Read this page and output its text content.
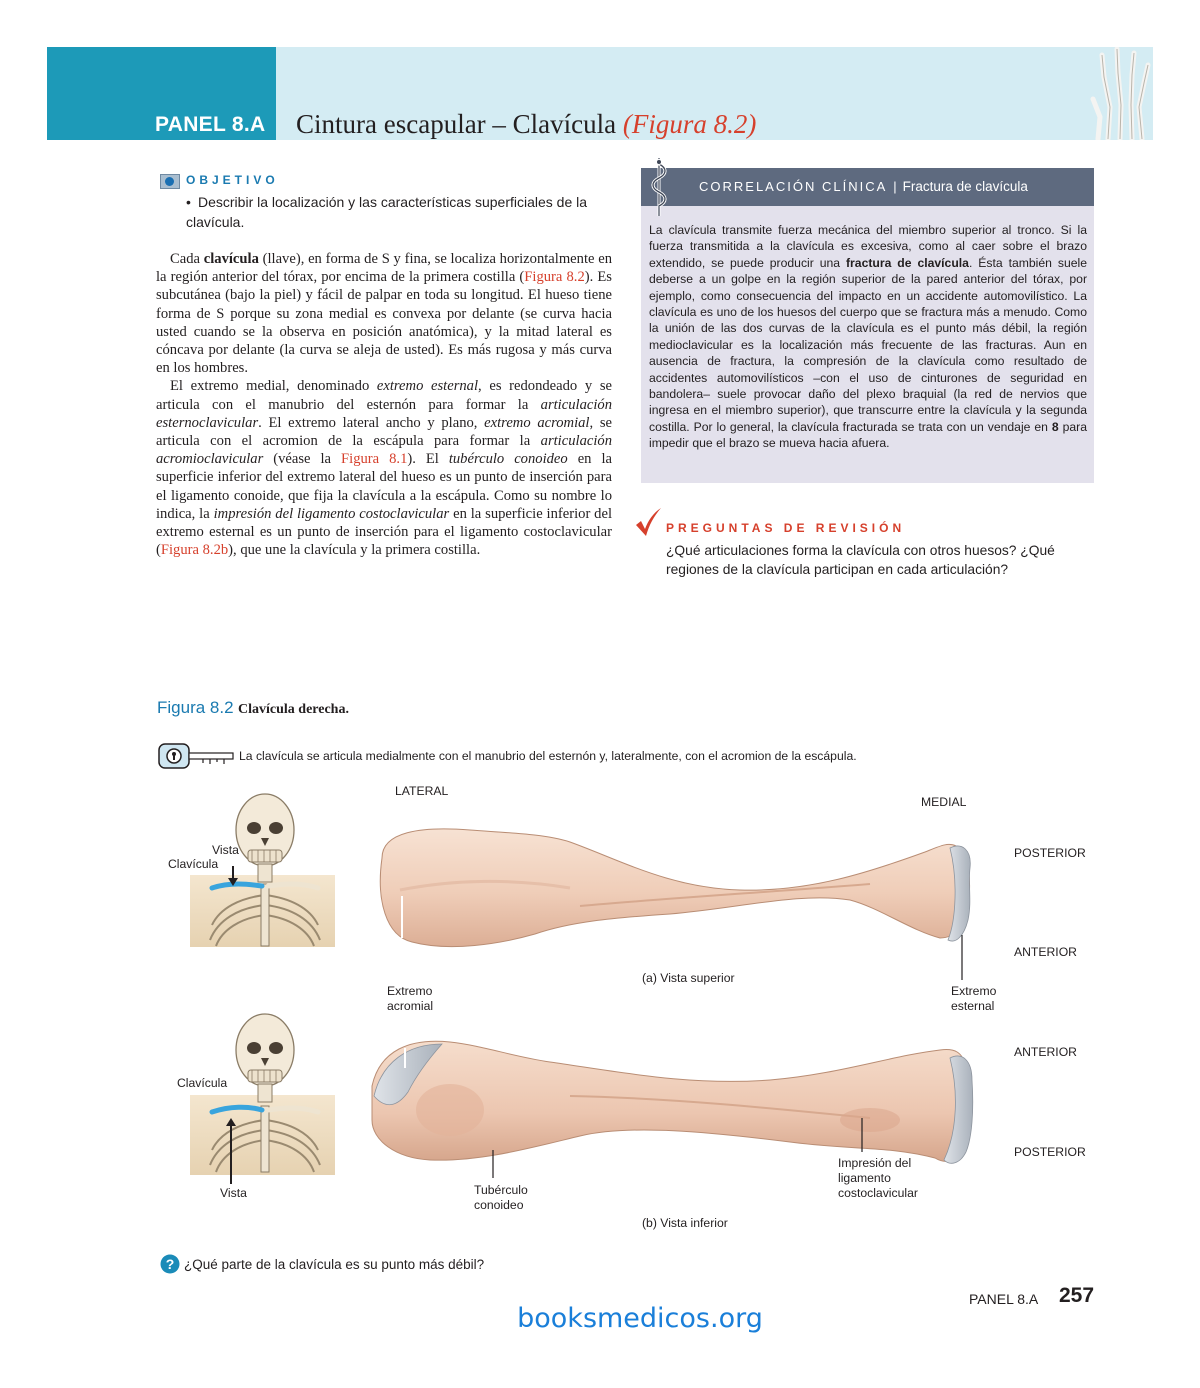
PANEL 8.A Cintura escapular – Clavícula (Figura 8.2)
OBJETIVO
• Describir la localización y las características superficiales de la clavícula.

Cada clavícula (llave), en forma de S y fina, se localiza horizontalmente en la región anterior del tórax, por encima de la primera costilla (Figura 8.2). Es subcutánea (bajo la piel) y fácil de palpar en toda su longitud. El hueso tiene forma de S porque su zona medial es convexa por delante (se curva hacia usted cuando se la observa en posición anatómica), y la mitad lateral es cóncava por delante (la curva se aleja de usted). Es más rugosa y más curva en los hombres.

El extremo medial, denominado extremo esternal, es redondeado y se articula con el manubrio del esternón para formar la articulación esternoclavicular. El extremo lateral ancho y plano, extremo acromial, se articula con el acromion de la escápula para formar la articulación acromioclavicular (véase la Figura 8.1). El tubérculo conoideo en la superficie inferior del extremo lateral del hueso es un punto de inserción para el ligamento conoide, que fija la clavícula a la escápula. Como su nombre lo indica, la impresión del ligamento costoclavicular en la superficie inferior del extremo esternal es un punto de inserción para el ligamento costoclavicular (Figura 8.2b), que une la clavícula y la primera costilla.

CORRELACIÓN CLÍNICA | Fractura de clavícula
La clavícula transmite fuerza mecánica del miembro superior al tronco. Si la fuerza transmitida a la clavícula es excesiva, como al caer sobre el brazo extendido, se puede producir una fractura de clavícula. Ésta también suele deberse a un golpe en la región superior de la pared anterior del tórax, por ejemplo, como consecuencia del impacto en un accidente automovilístico. La clavícula es uno de los huesos del cuerpo que se fractura más a menudo. Como la unión de las dos curvas de la clavícula es el punto más débil, la región medioclavicular es la localización más frecuente de las fracturas. Aun en ausencia de fractura, la compresión de la clavícula como resultado de accidentes automovilísticos –con el uso de cinturones de seguridad en bandolera– suele provocar daño del plexo braquial (la red de nervios que ingresa en el miembro superior), que transcurre entre la clavícula y la segunda costilla. Por lo general, la clavícula fracturada se trata con un vendaje en 8 para impedir que el brazo se mueva hacia afuera.
PREGUNTAS DE REVISIÓN
¿Qué articulaciones forma la clavícula con otros huesos? ¿Qué regiones de la clavícula participan en cada articulación?
Figura 8.2 Clavícula derecha.
La clavícula se articula medialmente con el manubrio del esternón y, lateralmente, con el acromion de la escápula.
LATERAL
MEDIAL
POSTERIOR
ANTERIOR
ANTERIOR
POSTERIOR
Vista
Clavícula
Clavícula
Vista
Extremo
acromial
Extremo
esternal
(a) Vista superior
(b) Vista inferior
Tubérculo
conoideo
Impresión del
ligamento
costoclavicular
? ¿Qué parte de la clavícula es su punto más débil?
PANEL 8.A 257
booksmedicos.org
